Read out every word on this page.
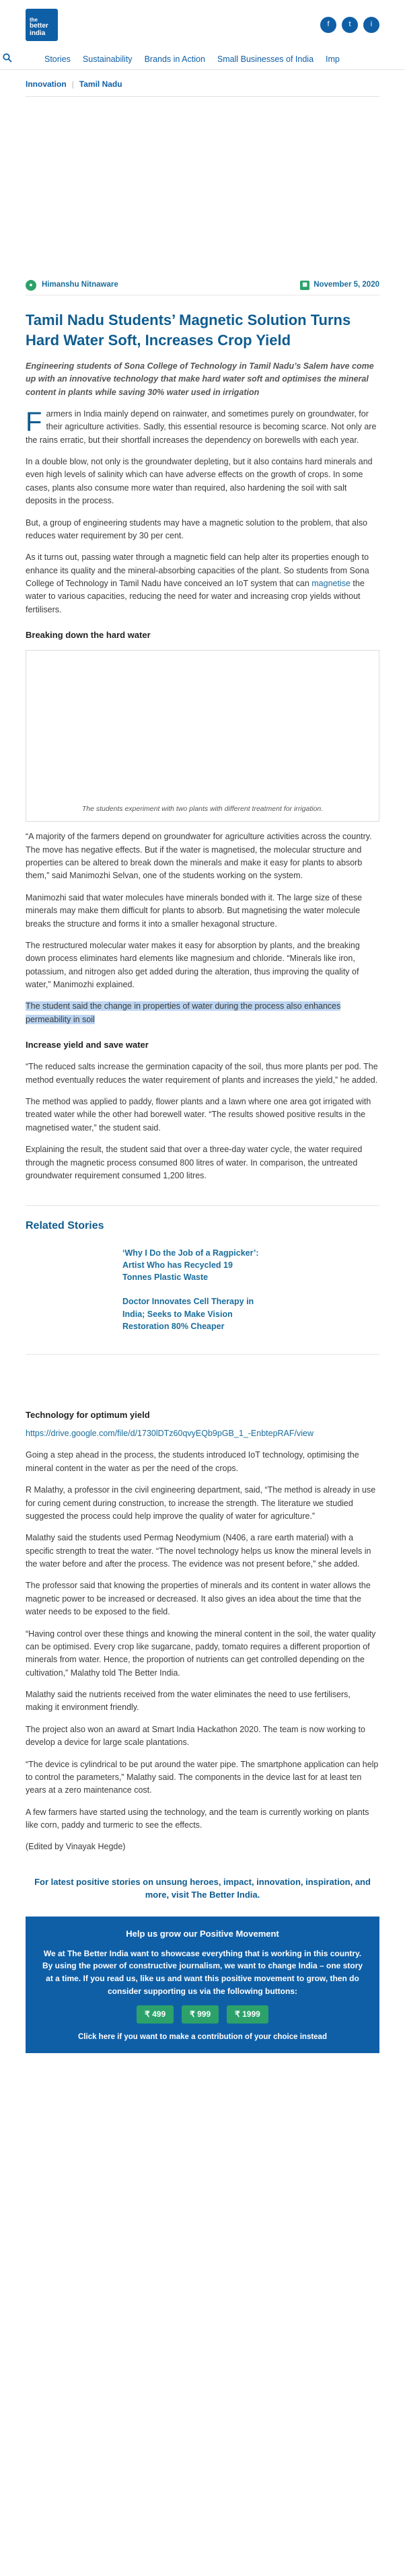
the
better
india
f	t	i
Stories Sustainability Brands in Action Small Businesses of India Imp
Innovation | Tamil Nadu
●	Himanshu Nitnaware	▦ November 5, 2020
Tamil Nadu Students’ Magnetic Solution Turns Hard Water Soft, Increases Crop Yield

Engineering students of Sona College of Technology in Tamil Nadu’s Salem have come up with an innovative technology that make hard water soft and optimises the mineral content in plants while saving 30% water used in irrigation

Farmers in India mainly depend on rainwater, and sometimes purely on groundwater, for their agriculture activities. Sadly, this essential resource is becoming scarce. Not only are the rains erratic, but their shortfall increases the dependency on borewells with each year.

In a double blow, not only is the groundwater depleting, but it also contains hard minerals and even high levels of salinity which can have adverse effects on the growth of crops. In some cases, plants also consume more water than required, also hardening the soil with salt deposits in the process.

But, a group of engineering students may have a magnetic solution to the problem, that also reduces water requirement by 30 per cent.

As it turns out, passing water through a magnetic field can help alter its properties enough to enhance its quality and the mineral-absorbing capacities of the plant. So students from Sona College of Technology in Tamil Nadu have conceived an IoT system that can magnetise the water to various capacities, reducing the need for water and increasing crop yields without fertilisers.

Breaking down the hard water
The students experiment with two plants with different treatment for irrigation.

“A majority of the farmers depend on groundwater for agriculture activities across the country. The move has negative effects. But if the water is magnetised, the molecular structure and properties can be altered to break down the minerals and make it easy for plants to absorb them,” said Manimozhi Selvan, one of the students working on the system.

Manimozhi said that water molecules have minerals bonded with it. The large size of these minerals may make them difficult for plants to absorb. But magnetising the water molecule breaks the structure and forms it into a smaller hexagonal structure.

The restructured molecular water makes it easy for absorption by plants, and the breaking down process eliminates hard elements like magnesium and chloride. “Minerals like iron, potassium, and nitrogen also get added during the alteration, thus improving the quality of water,” Manimozhi explained.

The student said the change in properties of water during the process also enhances permeability in soil

Increase yield and save water

“The reduced salts increase the germination capacity of the soil, thus more plants per pod. The method eventually reduces the water requirement of plants and increases the yield,” he added.

The method was applied to paddy, flower plants and a lawn where one area got irrigated with treated water while the other had borewell water. “The results showed positive results in the magnetised water,” the student said.

Explaining the result, the student said that over a three-day water cycle, the water required through the magnetic process consumed 800 litres of water. In comparison, the untreated groundwater requirement consumed 1,200 litres.

Related Stories
‘Why I Do the Job of a Ragpicker’: Artist Who has Recycled 19 Tonnes Plastic Waste
Doctor Innovates Cell Therapy in India; Seeks to Make Vision Restoration 80% Cheaper
Technology for optimum yield
https://drive.google.com/file/d/1730lDTz60qvyEQb9pGB_1_-EnbtepRAF/view

Going a step ahead in the process, the students introduced IoT technology, optimising the mineral content in the water as per the need of the crops.

R Malathy, a professor in the civil engineering department, said, “The method is already in use for curing cement during construction, to increase the strength. The literature we studied suggested the process could help improve the quality of water for agriculture.”

Malathy said the students used Permag Neodymium (N406, a rare earth material) with a specific strength to treat the water. “The novel technology helps us know the mineral levels in the water before and after the process. The evidence was not present before,” she added.

The professor said that knowing the properties of minerals and its content in water allows the magnetic power to be increased or decreased. It also gives an idea about the time that the water needs to be exposed to the field.

“Having control over these things and knowing the mineral content in the soil, the water quality can be optimised. Every crop like sugarcane, paddy, tomato requires a different proportion of minerals from water. Hence, the proportion of nutrients can get controlled depending on the cultivation,” Malathy told The Better India.

Malathy said the nutrients received from the water eliminates the need to use fertilisers, making it environment friendly.

The project also won an award at Smart India Hackathon 2020. The team is now working to develop a device for large scale plantations.

“The device is cylindrical to be put around the water pipe. The smartphone application can help to control the parameters,” Malathy said. The components in the device last for at least ten years at a zero maintenance cost.

A few farmers have started using the technology, and the team is currently working on plants like corn, paddy and turmeric to see the effects.

(Edited by Vinayak Hegde)

For latest positive stories on unsung heroes, impact, innovation, inspiration, and more, visit The Better India.
Help us grow our Positive Movement
We at The Better India want to showcase everything that is working in this country. By using the power of constructive journalism, we want to change India – one story at a time. If you read us, like us and want this positive movement to grow, then do consider supporting us via the following buttons:
₹ 499	₹ 999	₹ 1999
Click here if you want to make a contribution of your choice instead
